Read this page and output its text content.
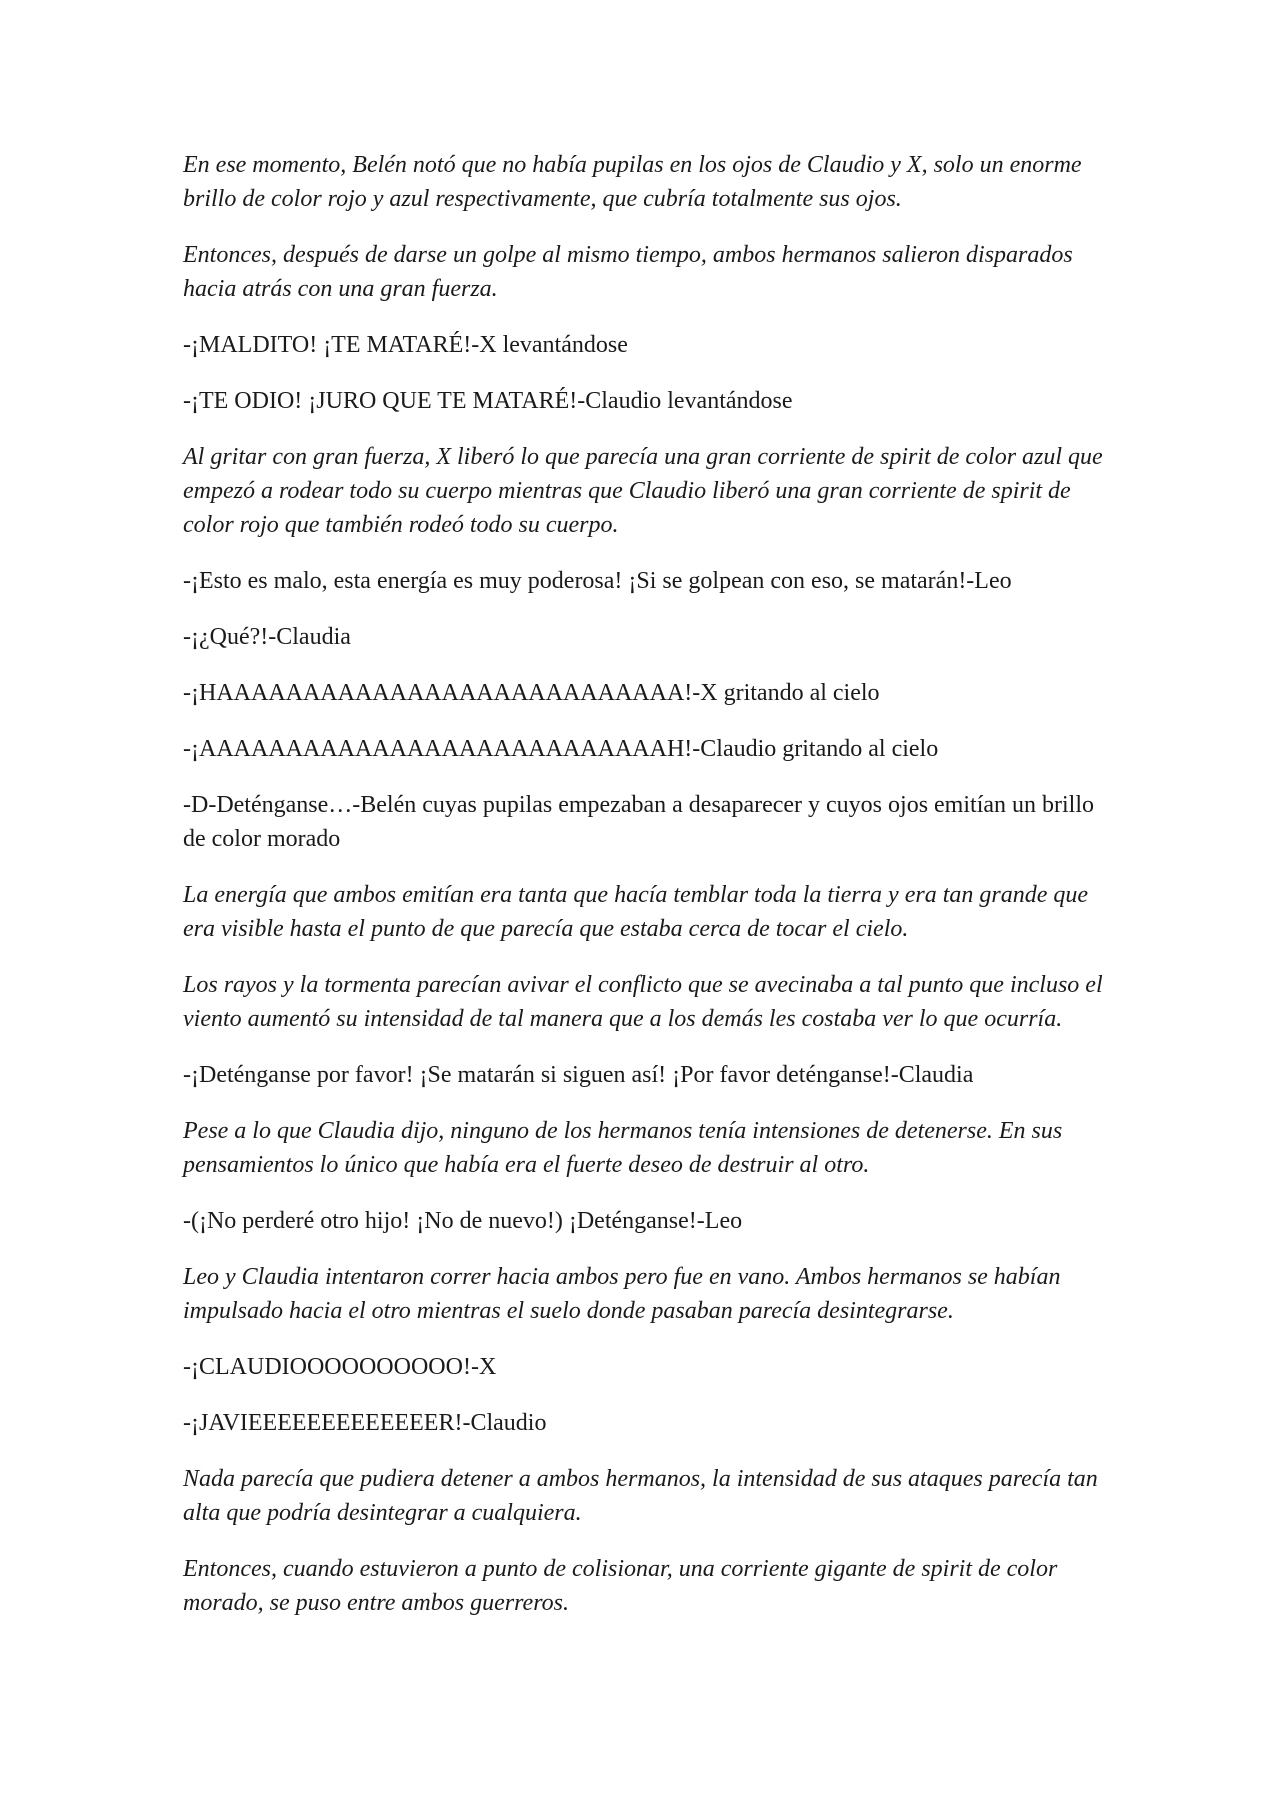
En ese momento, Belén notó que no había pupilas en los ojos de Claudio y X, solo un enorme brillo de color rojo y azul respectivamente, que cubría totalmente sus ojos.

Entonces, después de darse un golpe al mismo tiempo, ambos hermanos salieron disparados hacia atrás con una gran fuerza.

-¡MALDITO! ¡TE MATARÉ!-X levantándose

-¡TE ODIO! ¡JURO QUE TE MATARÉ!-Claudio levantándose

Al gritar con gran fuerza, X liberó lo que parecía una gran corriente de spirit de color azul que empezó a rodear todo su cuerpo mientras que Claudio liberó una gran corriente de spirit de color rojo que también rodeó todo su cuerpo.

-¡Esto es malo, esta energía es muy poderosa! ¡Si se golpean con eso, se matarán!-Leo

-¡¿Qué?!-Claudia

-¡HAAAAAAAAAAAAAAAAAAAAAAAAAAA!-X gritando al cielo

-¡AAAAAAAAAAAAAAAAAAAAAAAAAAAH!-Claudio gritando al cielo

-D-Deténganse…-Belén cuyas pupilas empezaban a desaparecer y cuyos ojos emitían un brillo de color morado

La energía que ambos emitían era tanta que hacía temblar toda la tierra y era tan grande que era visible hasta el punto de que parecía que estaba cerca de tocar el cielo.

Los rayos y la tormenta parecían avivar el conflicto que se avecinaba a tal punto que incluso el viento aumentó su intensidad de tal manera que a los demás les costaba ver lo que ocurría.

-¡Deténganse por favor! ¡Se matarán si siguen así! ¡Por favor deténganse!-Claudia

Pese a lo que Claudia dijo, ninguno de los hermanos tenía intensiones de detenerse. En sus pensamientos lo único que había era el fuerte deseo de destruir al otro.

-(¡No perderé otro hijo! ¡No de nuevo!) ¡Deténganse!-Leo

Leo y Claudia intentaron correr hacia ambos pero fue en vano. Ambos hermanos se habían impulsado hacia el otro mientras el suelo donde pasaban parecía desintegrarse.

-¡CLAUDIOOOOOOOOOO!-X

-¡JAVIEEEEEEEEEEEEER!-Claudio

Nada parecía que pudiera detener a ambos hermanos, la intensidad de sus ataques parecía tan alta que podría desintegrar a cualquiera.

Entonces, cuando estuvieron a punto de colisionar, una corriente gigante de spirit de color morado, se puso entre ambos guerreros.
